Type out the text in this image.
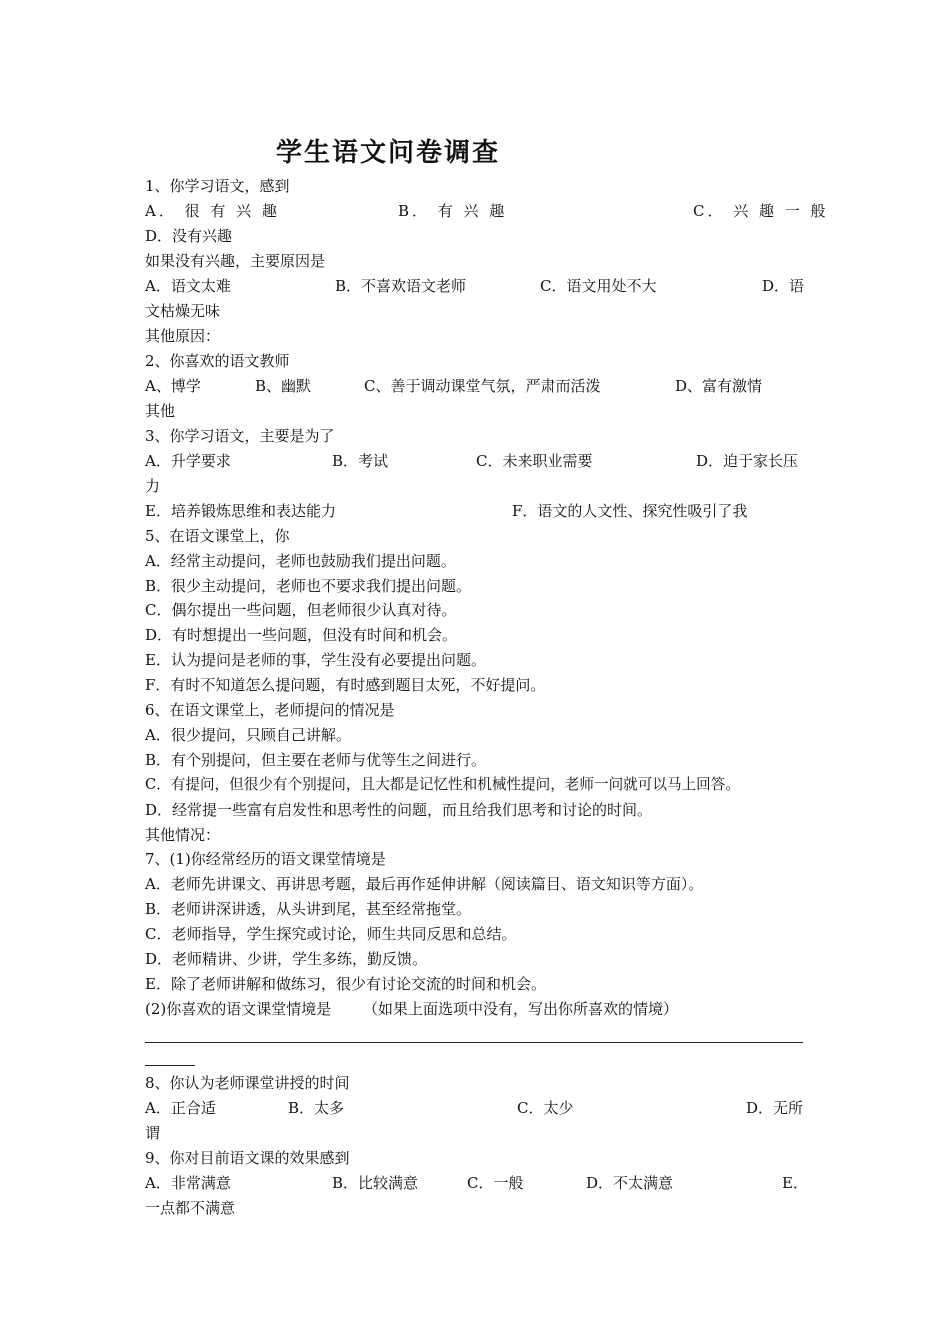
学生语文问卷调查
1、你学习语文，感到
A． 很 有 兴 趣	B． 有 兴 趣	C． 兴 趣 一 般
D．没有兴趣
如果没有兴趣，主要原因是
A．语文太难	B．不喜欢语文老师	C．语文用处不大	D．语
文枯燥无味
其他原因：
2、你喜欢的语文教师
A、博学	B、幽默	C、善于调动课堂气氛，严肃而活泼	D、富有激情
其他
3、你学习语文，主要是为了
A．升学要求	B．考试	C．未来职业需要	D．迫于家长压
力
E．培养锻炼思维和表达能力	F．语文的人文性、探究性吸引了我
5、在语文课堂上，你
A．经常主动提问，老师也鼓励我们提出问题。
B．很少主动提问，老师也不要求我们提出问题。
C．偶尔提出一些问题，但老师很少认真对待。
D．有时想提出一些问题，但没有时间和机会。
E．认为提问是老师的事，学生没有必要提出问题。
F．有时不知道怎么提问题，有时感到题目太死，不好提问。
6、在语文课堂上，老师提问的情况是
A．很少提问，只顾自己讲解。
B．有个别提问，但主要在老师与优等生之间进行。
C．有提问，但很少有个别提问，且大都是记忆性和机械性提问，老师一问就可以马上回答。
D．经常提一些富有启发性和思考性的问题，而且给我们思考和讨论的时间。
其他情况：
7、(1)你经常经历的语文课堂情境是
A．老师先讲课文、再讲思考题，最后再作延伸讲解（阅读篇目、语文知识等方面）。
B．老师讲深讲透，从头讲到尾，甚至经常拖堂。
C．老师指导，学生探究或讨论，师生共同反思和总结。
D．老师精讲、少讲，学生多练，勤反馈。
E．除了老师讲解和做练习，很少有讨论交流的时间和机会。
(2)你喜欢的语文课堂情境是 （如果上面选项中没有，写出你所喜欢的情境）
8、你认为老师课堂讲授的时间
A．正合适	B．太多	C．太少	D．无所
谓
9、你对目前语文课的效果感到
A．非常满意	B．比较满意	C．一般	D．不太满意	E．
一点都不满意
